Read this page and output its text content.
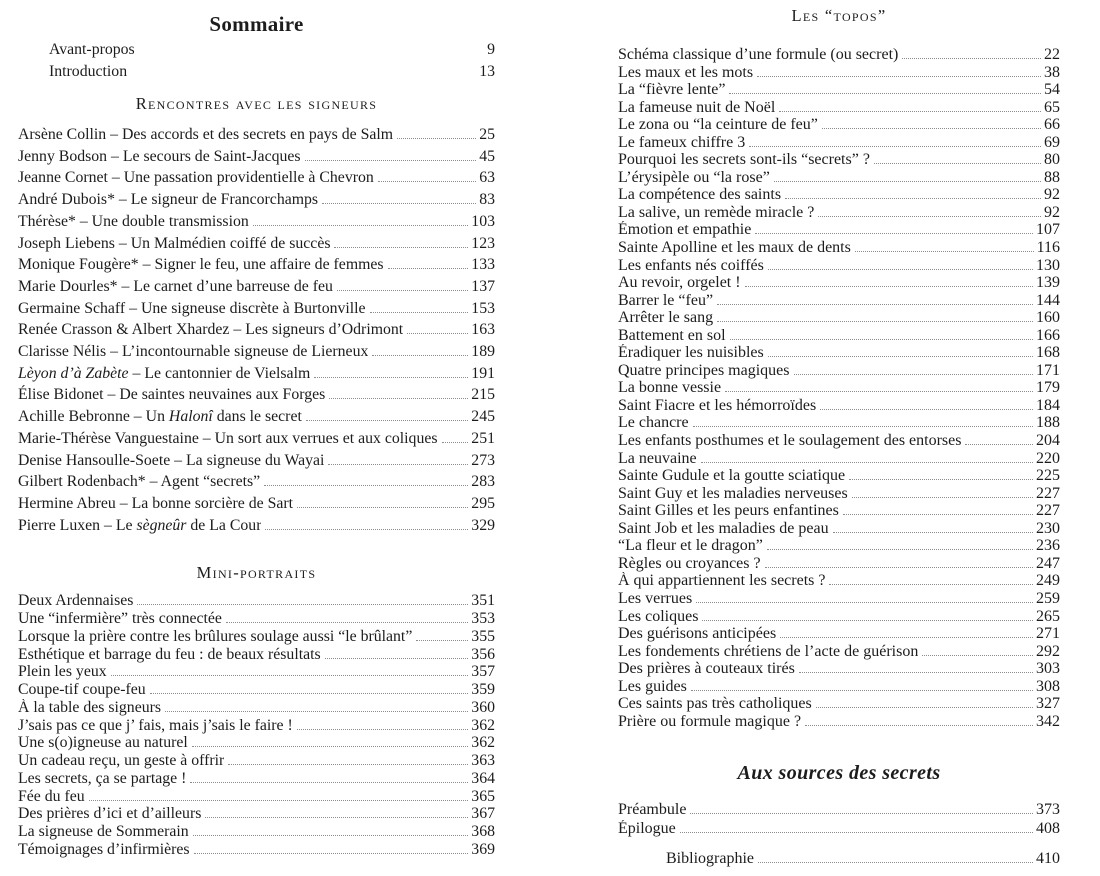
Sommaire
Avant-propos	9
Introduction	13
Rencontres avec les signeurs
Arsène Collin – Des accords et des secrets en pays de Salm	25
Jenny Bodson – Le secours de Saint-Jacques	45
Jeanne Cornet – Une passation providentielle à Chevron	63
André Dubois* – Le signeur de Francorchamps	83
Thérèse* – Une double transmission	103
Joseph Liebens – Un Malmédien coiffé de succès	123
Monique Fougère* – Signer le feu, une affaire de femmes	133
Marie Dourles* – Le carnet d’une barreuse de feu	137
Germaine Schaff – Une signeuse discrète à Burtonville	153
Renée Crasson & Albert Xhardez – Les signeurs d’Odrimont	163
Clarisse Nélis – L’incontournable signeuse de Lierneux	189
Lèyon d’à Zabète – Le cantonnier de Vielsalm	191
Élise Bidonet – De saintes neuvaines aux Forges	215
Achille Bebronne – Un Halonî dans le secret	245
Marie-Thérèse Vanguestaine – Un sort aux verrues et aux coliques 251
Denise Hansoulle-Soete – La signeuse du Wayai	273
Gilbert Rodenbach* – Agent “secrets”	283
Hermine Abreu – La bonne sorcière de Sart	295
Pierre Luxen – Le sègneûr de La Cour	329
Mini-portraits
Deux Ardennaises	351
Une “infermière” très connectée	353
Lorsque la prière contre les brûlures soulage aussi “le brûlant”	355
Esthétique et barrage du feu : de beaux résultats	356
Plein les yeux	357
Coupe-tif coupe-feu	359
À la table des signeurs	360
J’sais pas ce que j’ fais, mais j’sais le faire !	362
Une s(o)igneuse au naturel	362
Un cadeau reçu, un geste à offrir	363
Les secrets, ça se partage !	364
Fée du feu	365
Des prières d’ici et d’ailleurs	367
La signeuse de Sommerain	368
Témoignages d’infirmières	369
Les “topos”
Schéma classique d’une formule (ou secret)	22
Les maux et les mots	38
La “fièvre lente”	54
La fameuse nuit de Noël	65
Le zona ou “la ceinture de feu”	66
Le fameux chiffre 3	69
Pourquoi les secrets sont-ils “secrets” ?	80
L’érysipèle ou “la rose”	88
La compétence des saints	92
La salive, un remède miracle ?	92
Émotion et empathie	107
Sainte Apolline et les maux de dents	116
Les enfants nés coiffés	130
Au revoir, orgelet !	139
Barrer le “feu”	144
Arrêter le sang	160
Battement en sol	166
Éradiquer les nuisibles	168
Quatre principes magiques	171
La bonne vessie	179
Saint Fiacre et les hémorroïdes	184
Le chancre	188
Les enfants posthumes et le soulagement des entorses	204
La neuvaine	220
Sainte Gudule et la goutte sciatique	225
Saint Guy et les maladies nerveuses	227
Saint Gilles et les peurs enfantines	227
Saint Job et les maladies de peau	230
“La fleur et le dragon”	236
Règles ou croyances ?	247
À qui appartiennent les secrets ?	249
Les verrues	259
Les coliques	265
Des guérisons anticipées	271
Les fondements chrétiens de l’acte de guérison	292
Des prières à couteaux tirés	303
Les guides	308
Ces saints pas très catholiques	327
Prière ou formule magique ?	342
Aux sources des secrets
Préambule	373
Épilogue	408
Bibliographie	410
